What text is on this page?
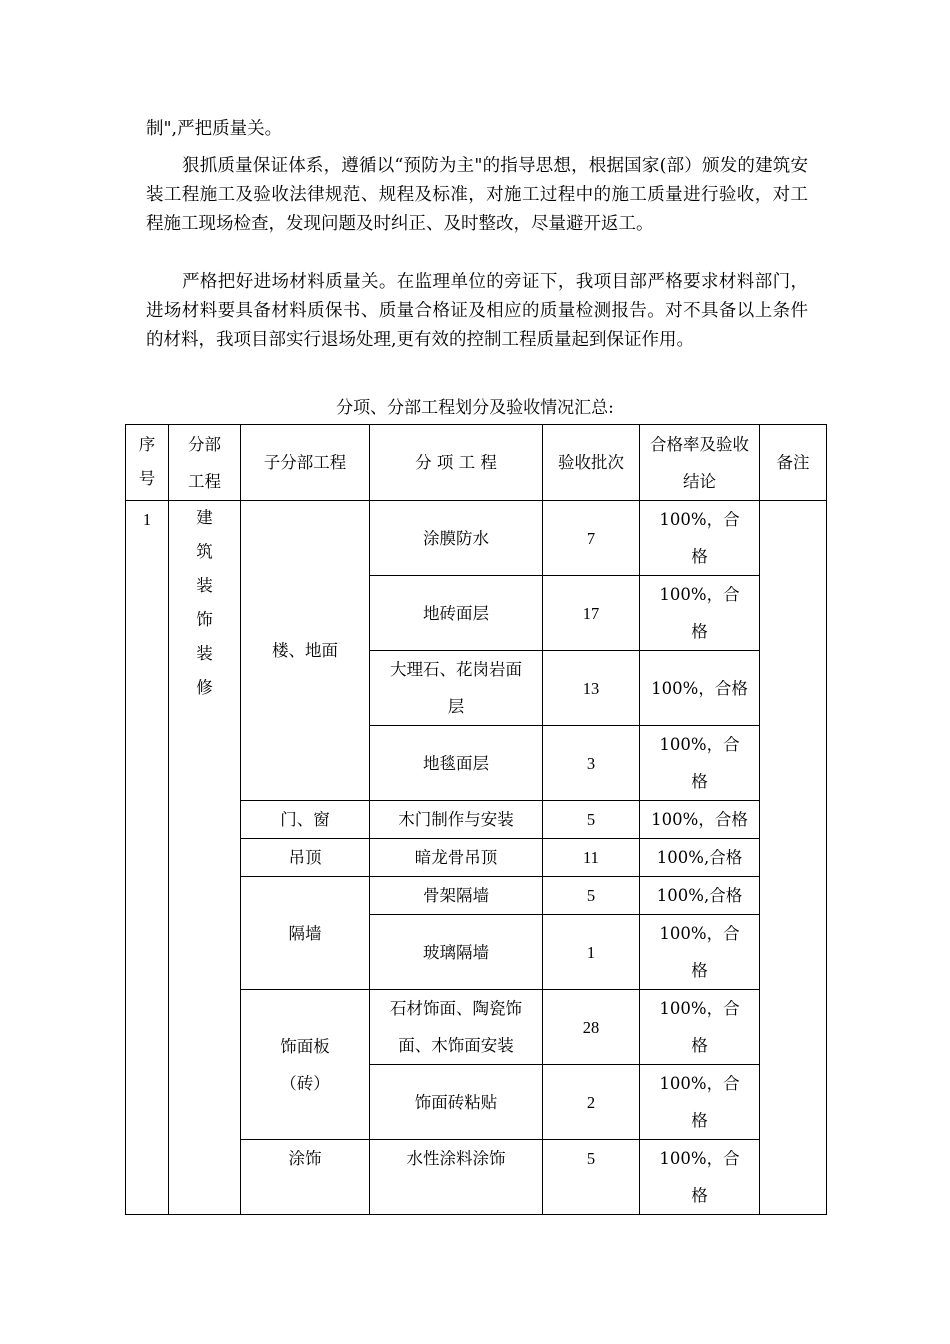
制",严把质量关。

狠抓质量保证体系，遵循以“预防为主"的指导思想，根据国家(部）颁发的建筑安装工程施工及验收法律规范、规程及标准，对施工过程中的施工质量进行验收，对工程施工现场检查，发现问题及时纠正、及时整改，尽量避开返工。

严格把好进场材料质量关。在监理单位的旁证下，我项目部严格要求材料部门，进场材料要具备材料质保书、质量合格证及相应的质量检测报告。对不具备以上条件的材料，我项目部实行退场处理,更有效的控制工程质量起到保证作用。

分项、分部工程划分及验收情况汇总:
序号	分部工程	子分部工程	分 项 工 程	验收批次	合格率及验收结论	备注
1	建筑装饰装修	楼、地面	涂膜防水	7	100%，合格	

			地砖面层	17	100%，合格	

			大理石、花岗岩面层	13	100%，合格	
			地毯面层	3	100%，合格	

		门、窗	木门制作与安装	5	100%，合格	
		吊顶	暗龙骨吊顶	11	100%,合格	
		隔墙	骨架隔墙	5	100%,合格	
			玻璃隔墙	1	100%，合格	

		饰面板（砖）	石材饰面、陶瓷饰面、木饰面安装	28	100%，合格	

			饰面砖粘贴	2	100%，合格	

		涂饰	水性涂料涂饰	5	100%，合格	
